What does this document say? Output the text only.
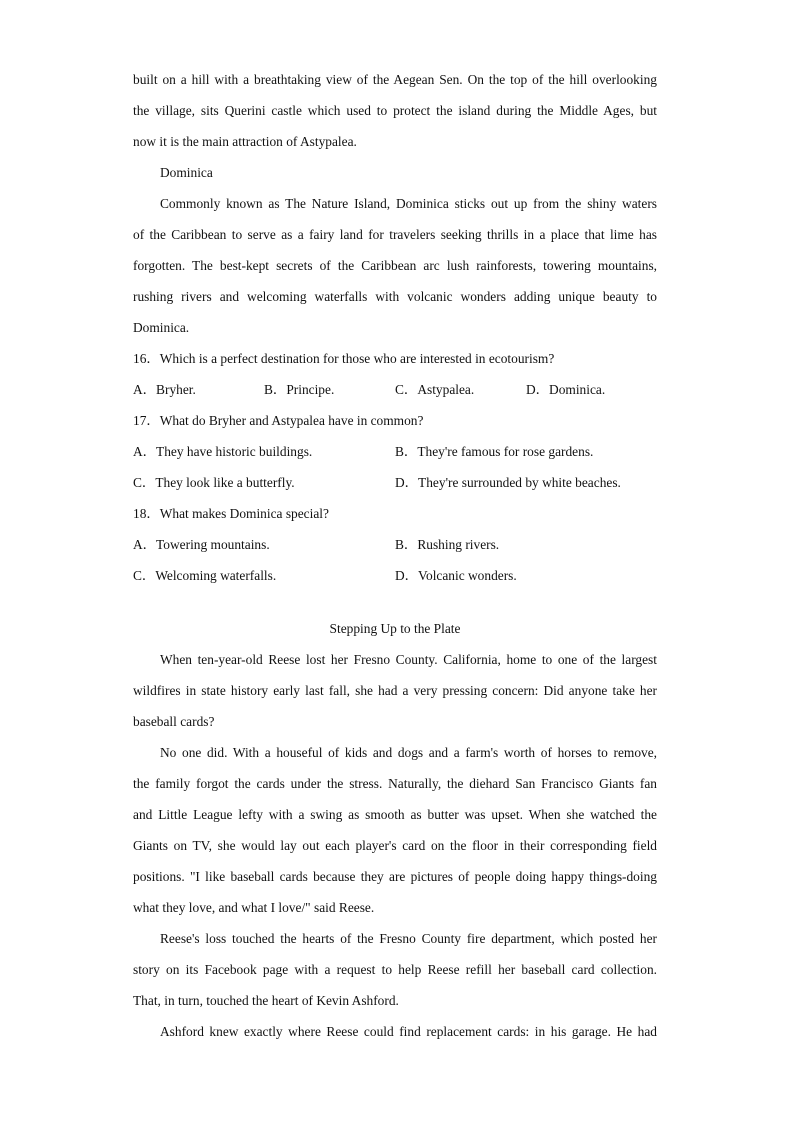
built on a hill with a breathtaking view of the Aegean Sen. On the top of the hill overlooking
the village, sits Querini castle which used to protect the island during the Middle Ages, but
now it is the main attraction of Astypalea.
Dominica
Commonly known as The Nature Island, Dominica sticks out up from the shiny waters
of the Caribbean to serve as a fairy land for travelers seeking thrills in a place that lime has
forgotten. The best-kept secrets of the Caribbean arc lush rainforests, towering mountains,
rushing rivers and welcoming waterfalls with volcanic wonders adding unique beauty to
Dominica.
16．Which is a perfect destination for those who are interested in ecotourism?
A．Bryher.	B．Principe.	C．Astypalea.	D．Dominica.
17．What do Bryher and Astypalea have in common?
A．They have historic buildings.	B．They're famous for rose gardens.
C．They look like a butterfly.	D．They're surrounded by white beaches.
18．What makes Dominica special?
A．Towering mountains.	B．Rushing rivers.
C．Welcoming waterfalls.	D．Volcanic wonders.
Stepping Up to the Plate
When ten-year-old Reese lost her Fresno County. California, home to one of the largest
wildfires in state history early last fall, she had a very pressing concern: Did anyone take her
baseball cards?
No one did. With a houseful of kids and dogs and a farm's worth of horses to remove,
the family forgot the cards under the stress. Naturally, the diehard San Francisco Giants fan
and Little League lefty with a swing as smooth as butter was upset. When she watched the
Giants on TV, she would lay out each player's card on the floor in their corresponding field
positions. "I like baseball cards because they are pictures of people doing happy things-doing
what they love, and what I love/" said Reese.
Reese's loss touched the hearts of the Fresno County fire department, which posted her
story on its Facebook page with a request to help Reese refill her baseball card collection.
That, in turn, touched the heart of Kevin Ashford.
Ashford knew exactly where Reese could find replacement cards: in his garage. He had
